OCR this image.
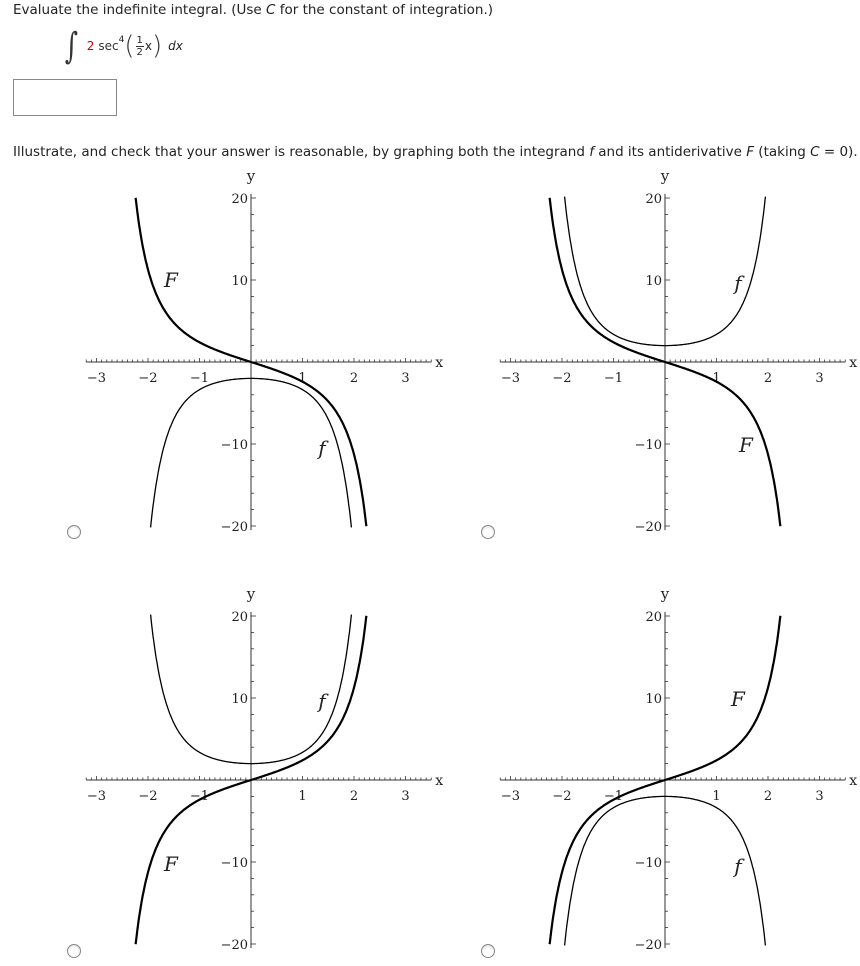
Evaluate the indefinite integral. (Use C for the constant of integration.)
∫ 2 sec 4 ( $\frac{1}{2}$ x ) dx
Illustrate, and check that your answer is reasonable, by graphing both the integrand f and its antiderivative F (taking C = 0).
y
x
−3 −2 −1	1	2	3
20
10
−10
−20
F
f
y
x
−3 −2 −1	1	2	3
20
10
−10
−20
F
f
y
x
−3 −2 −1	1	2	3
20
10
−10
−20
F
f
y
x
−3 −2 −1	1	2	3
20
10
−10
−20
F
f
